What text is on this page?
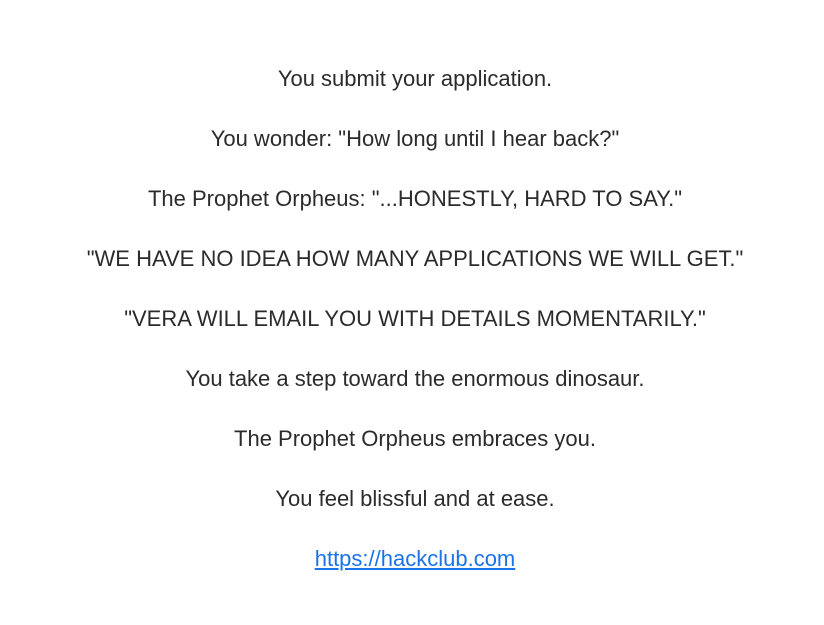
You submit your application.

You wonder: "How long until I hear back?"

The Prophet Orpheus: "...HONESTLY, HARD TO SAY."

"WE HAVE NO IDEA HOW MANY APPLICATIONS WE WILL GET."

"VERA WILL EMAIL YOU WITH DETAILS MOMENTARILY."

You take a step toward the enormous dinosaur.

The Prophet Orpheus embraces you.

You feel blissful and at ease.

https://hackclub.com
